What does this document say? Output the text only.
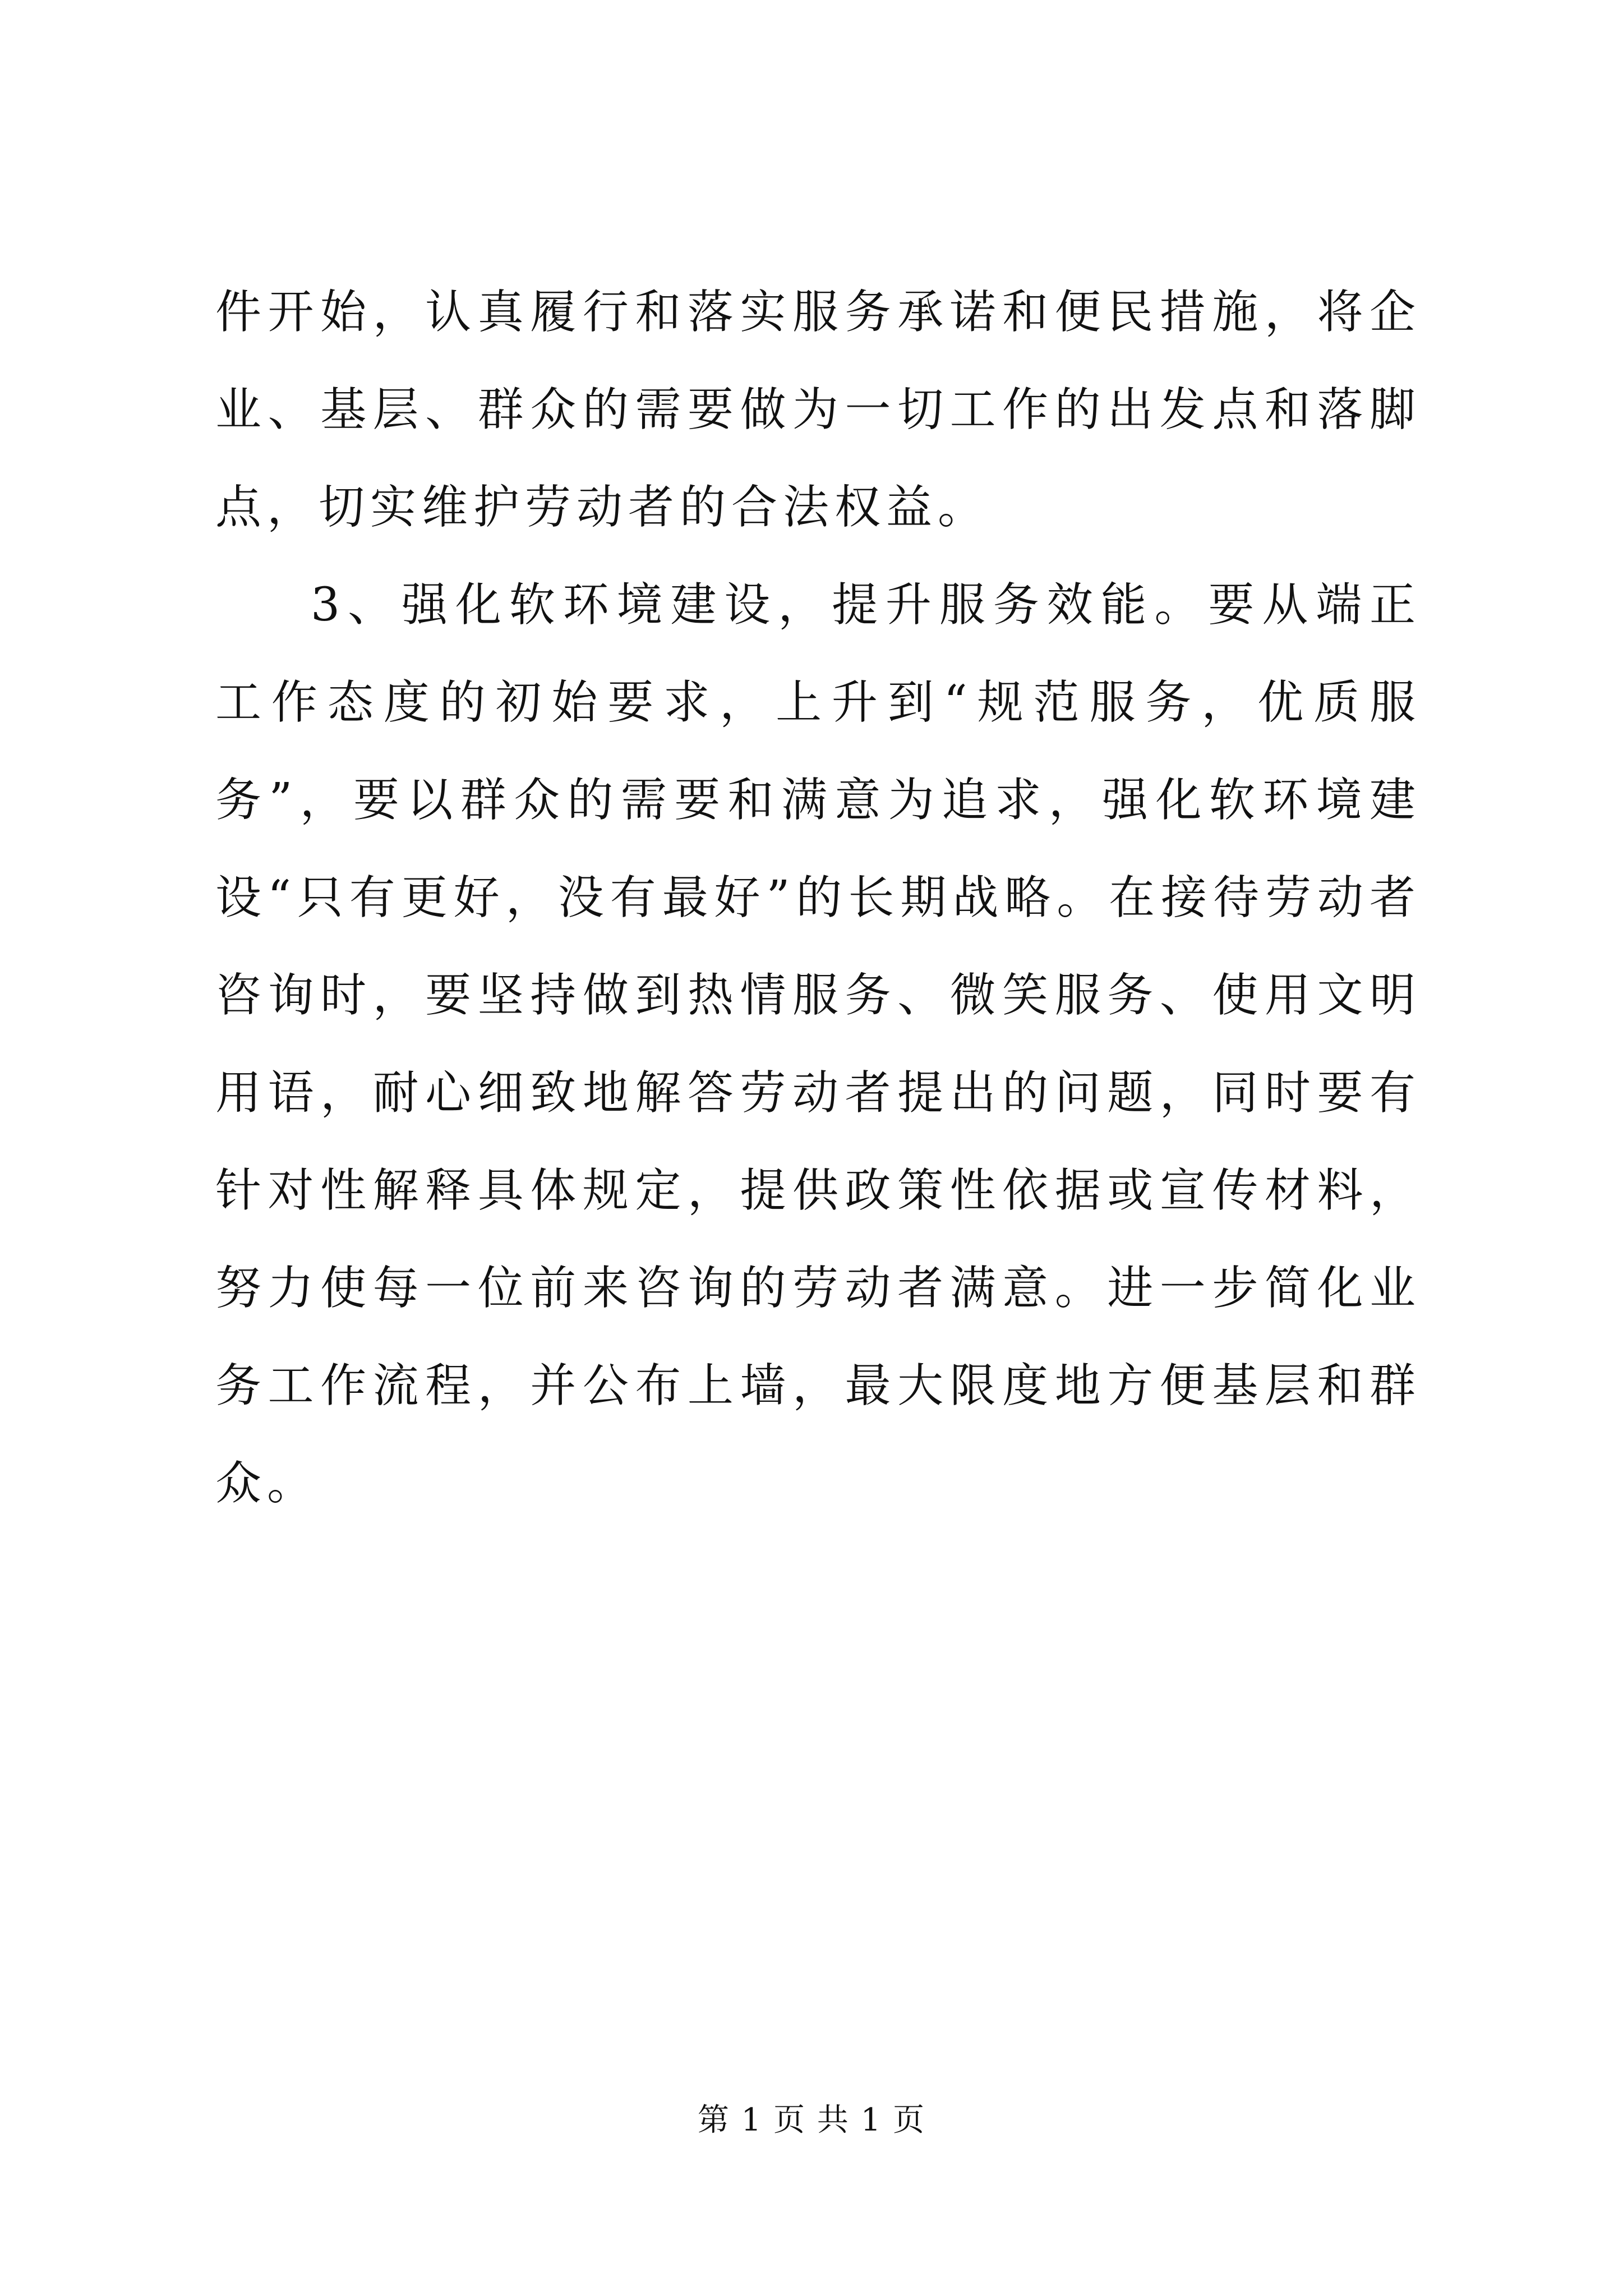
件开始，认真履行和落实服务承诺和便民措施，将企业、基层、群众的需要做为一切工作的出发点和落脚点，切实维护劳动者的合法权益。

3、强化软环境建设，提升服务效能。要从端正工作态度的初始要求，上升到“规范服务，优质服务”，要以群众的需要和满意为追求，强化软环境建设“只有更好，没有最好”的长期战略。在接待劳动者咨询时，要坚持做到热情服务、微笑服务、使用文明用语，耐心细致地解答劳动者提出的问题，同时要有针对性解释具体规定，提供政策性依据或宣传材料，努力使每一位前来咨询的劳动者满意。进一步简化业务工作流程，并公布上墙，最大限度地方便基层和群众。

第 1 页 共 1 页
